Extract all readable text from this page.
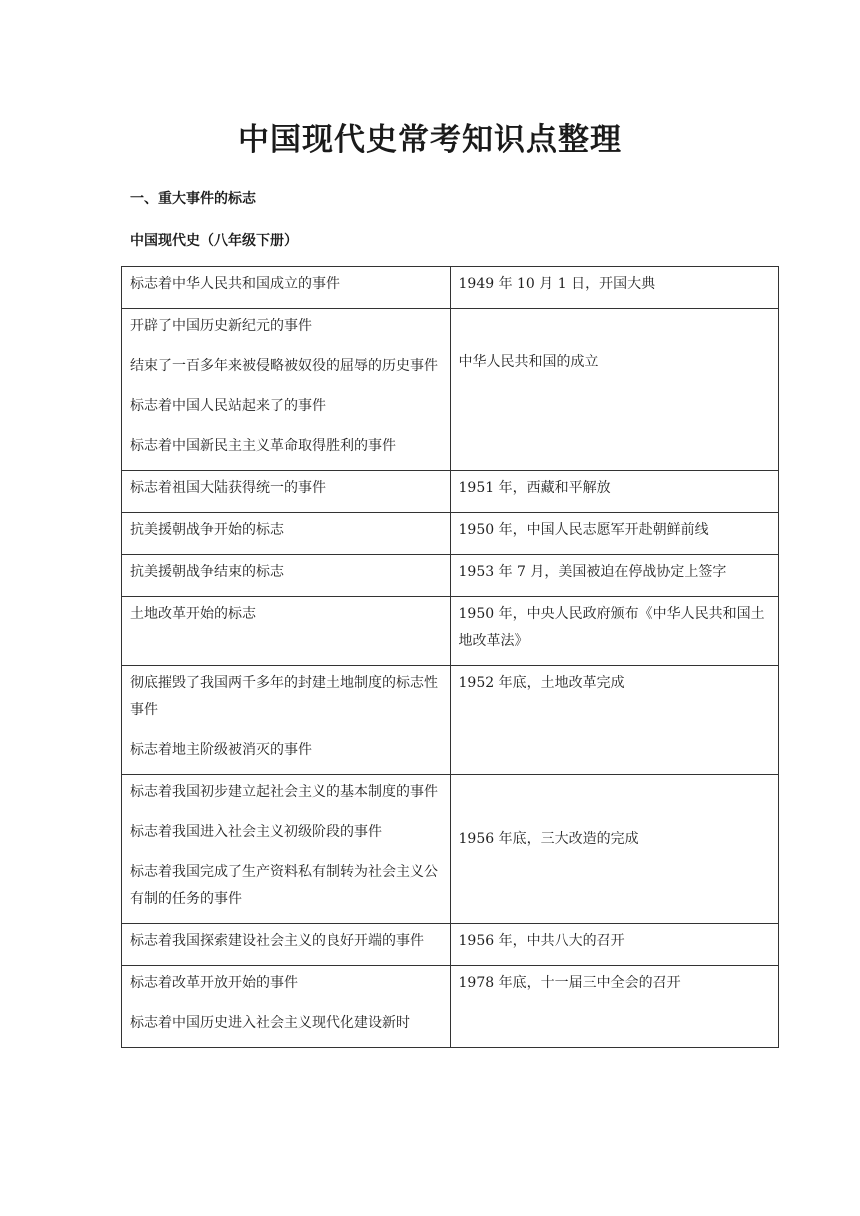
中国现代史常考知识点整理
一、重大事件的标志
中国现代史（八年级下册）
标志着中华人民共和国成立的事件	1949 年 10 月 1 日，开国大典

开辟了中国历史新纪元的事件
结束了一百多年来被侵略被奴役的屈辱的历史事件
标志着中国人民站起来了的事件
标志着中国新民主主义革命取得胜利的事件	中华人民共和国的成立

标志着祖国大陆获得统一的事件	1951 年，西藏和平解放

抗美援朝战争开始的标志	1950 年，中国人民志愿军开赴朝鲜前线

抗美援朝战争结束的标志	1953 年 7 月，美国被迫在停战协定上签字

土地改革开始的标志	1950 年，中央人民政府颁布《中华人民共和国土地改革法》

彻底摧毁了我国两千多年的封建土地制度的标志性事件
标志着地主阶级被消灭的事件	1952 年底，土地改革完成

标志着我国初步建立起社会主义的基本制度的事件
标志着我国进入社会主义初级阶段的事件
标志着我国完成了生产资料私有制转为社会主义公有制的任务的事件	1956 年底，三大改造的完成

标志着我国探索建设社会主义的良好开端的事件	1956 年，中共八大的召开

标志着改革开放开始的事件
标志着中国历史进入社会主义现代化建设新时	1978 年底，十一届三中全会的召开
